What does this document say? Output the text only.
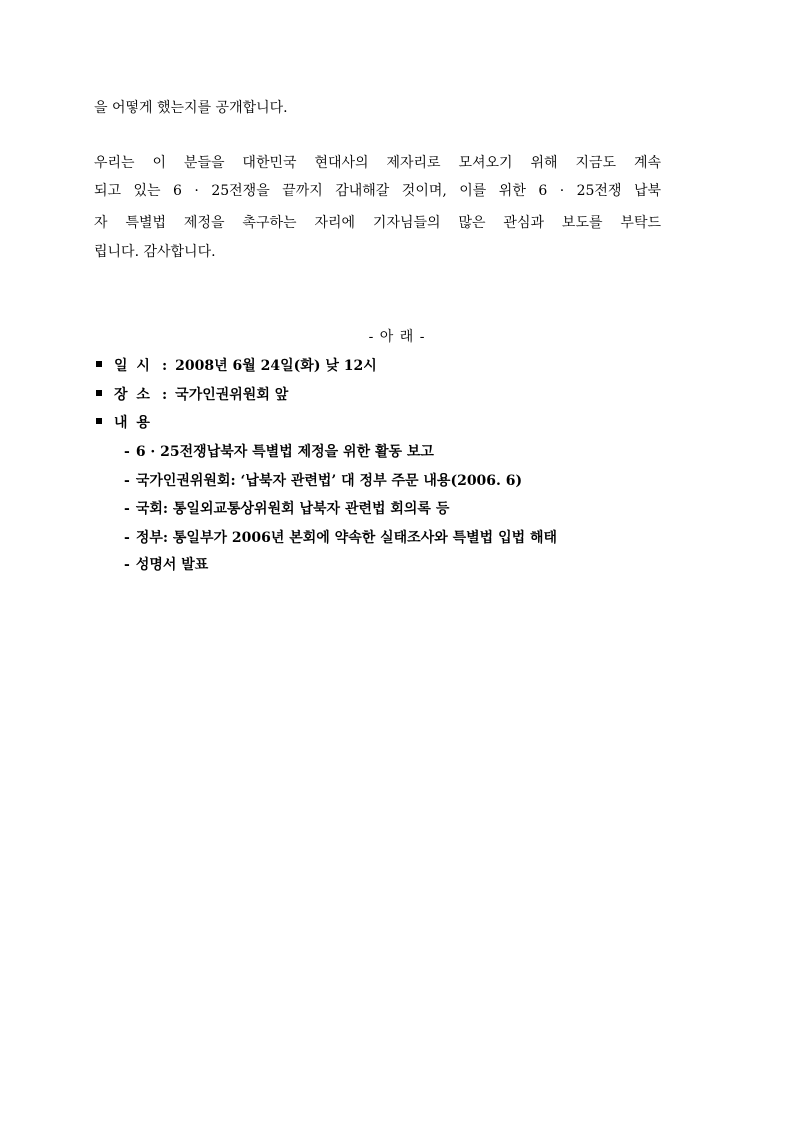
을 어떻게 했는지를 공개합니다.
우리는 이 분들을 대한민국 현대사의 제자리로 모셔오기 위해 지금도 계속
되고 있는 6 · 25전쟁을 끝까지 감내해갈 것이며, 이를 위한 6 · 25전쟁 납북
자 특별법 제정을 촉구하는 자리에 기자님들의 많은 관심과 보도를 부탁드
립니다. 감사합니다.
- 아 래 -
일 시 : 2008년 6월 24일(화) 낮 12시
장 소 : 국가인권위원회 앞
내 용
- 6 · 25전쟁납북자 특별법 제정을 위한 활동 보고
- 국가인권위원회: ‘납북자 관련법’ 대 정부 주문 내용(2006. 6)
- 국회: 통일외교통상위원회 납북자 관련법 회의록 등
- 정부: 통일부가 2006년 본회에 약속한 실태조사와 특별법 입법 해태
- 성명서 발표
